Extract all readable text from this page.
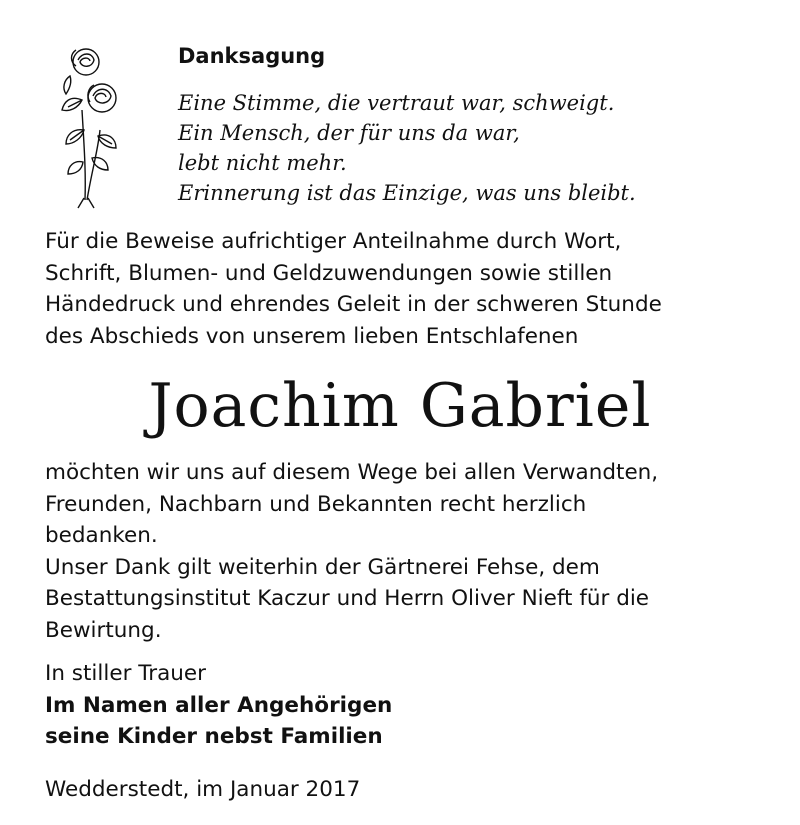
Danksagung
Eine Stimme, die vertraut war, schweigt.
Ein Mensch, der für uns da war,
lebt nicht mehr.
Erinnerung ist das Einzige, was uns bleibt.
Für die Beweise aufrichtiger Anteilnahme durch Wort,
Schrift, Blumen- und Geldzuwendungen sowie stillen
Händedruck und ehrendes Geleit in der schweren Stunde
des Abschieds von unserem lieben Entschlafenen
Joachim Gabriel
möchten wir uns auf diesem Wege bei allen Verwandten,
Freunden, Nachbarn und Bekannten recht herzlich
bedanken.
Unser Dank gilt weiterhin der Gärtnerei Fehse, dem
Bestattungsinstitut Kaczur und Herrn Oliver Nieft für die
Bewirtung.
In stiller Trauer
Im Namen aller Angehörigen
seine Kinder nebst Familien
Wedderstedt, im Januar 2017
